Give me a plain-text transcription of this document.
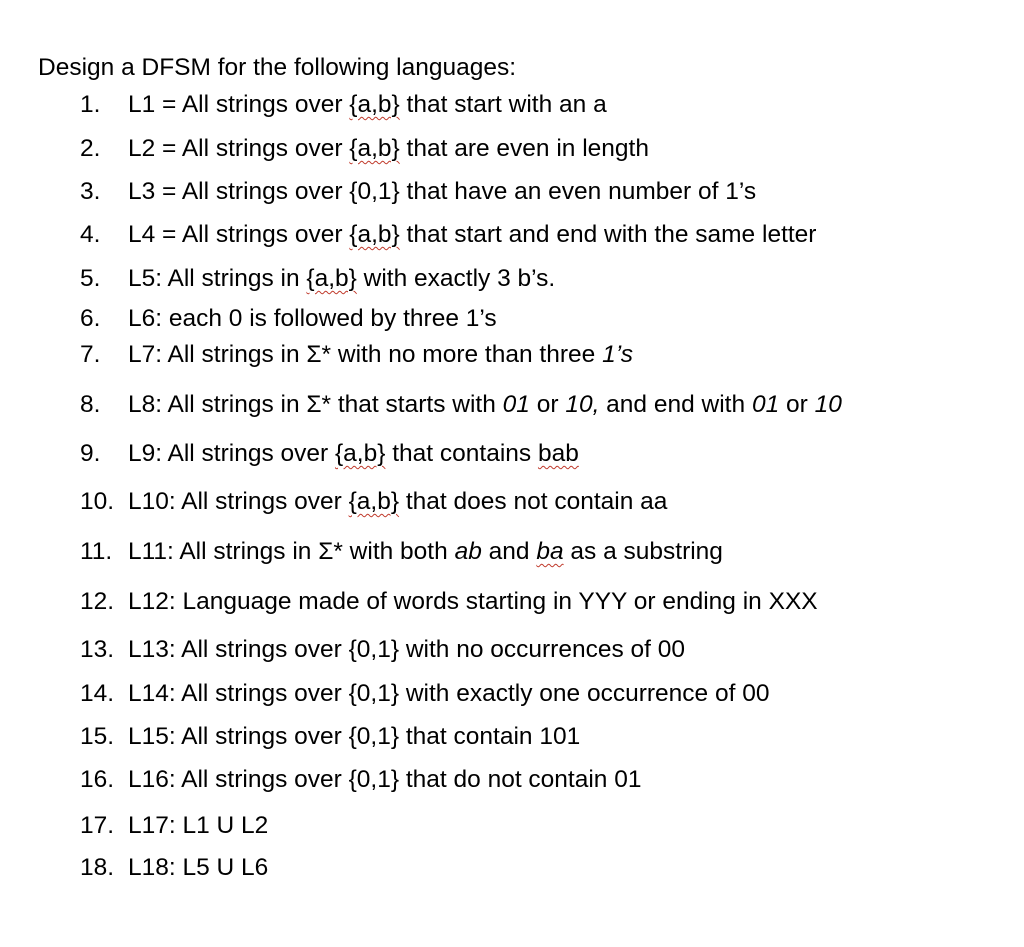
Design a DFSM for the following languages:
1. L1 = All strings over {a,b} that start with an a
2. L2 = All strings over {a,b} that are even in length
3. L3 = All strings over {0,1} that have an even number of 1’s
4. L4 = All strings over {a,b} that start and end with the same letter
5. L5: All strings in {a,b} with exactly 3 b’s.
6. L6: each 0 is followed by three 1’s
7. L7: All strings in Σ* with no more than three 1’s
8. L8: All strings in Σ* that starts with 01 or 10, and end with 01 or 10
9. L9: All strings over {a,b} that contains bab
10. L10: All strings over {a,b} that does not contain aa
11. L11: All strings in Σ* with both ab and ba as a substring
12. L12: Language made of words starting in YYY or ending in XXX
13. L13: All strings over {0,1} with no occurrences of 00
14. L14: All strings over {0,1} with exactly one occurrence of 00
15. L15: All strings over {0,1} that contain 101
16. L16: All strings over {0,1} that do not contain 01
17. L17: L1 U L2
18. L18: L5 U L6
